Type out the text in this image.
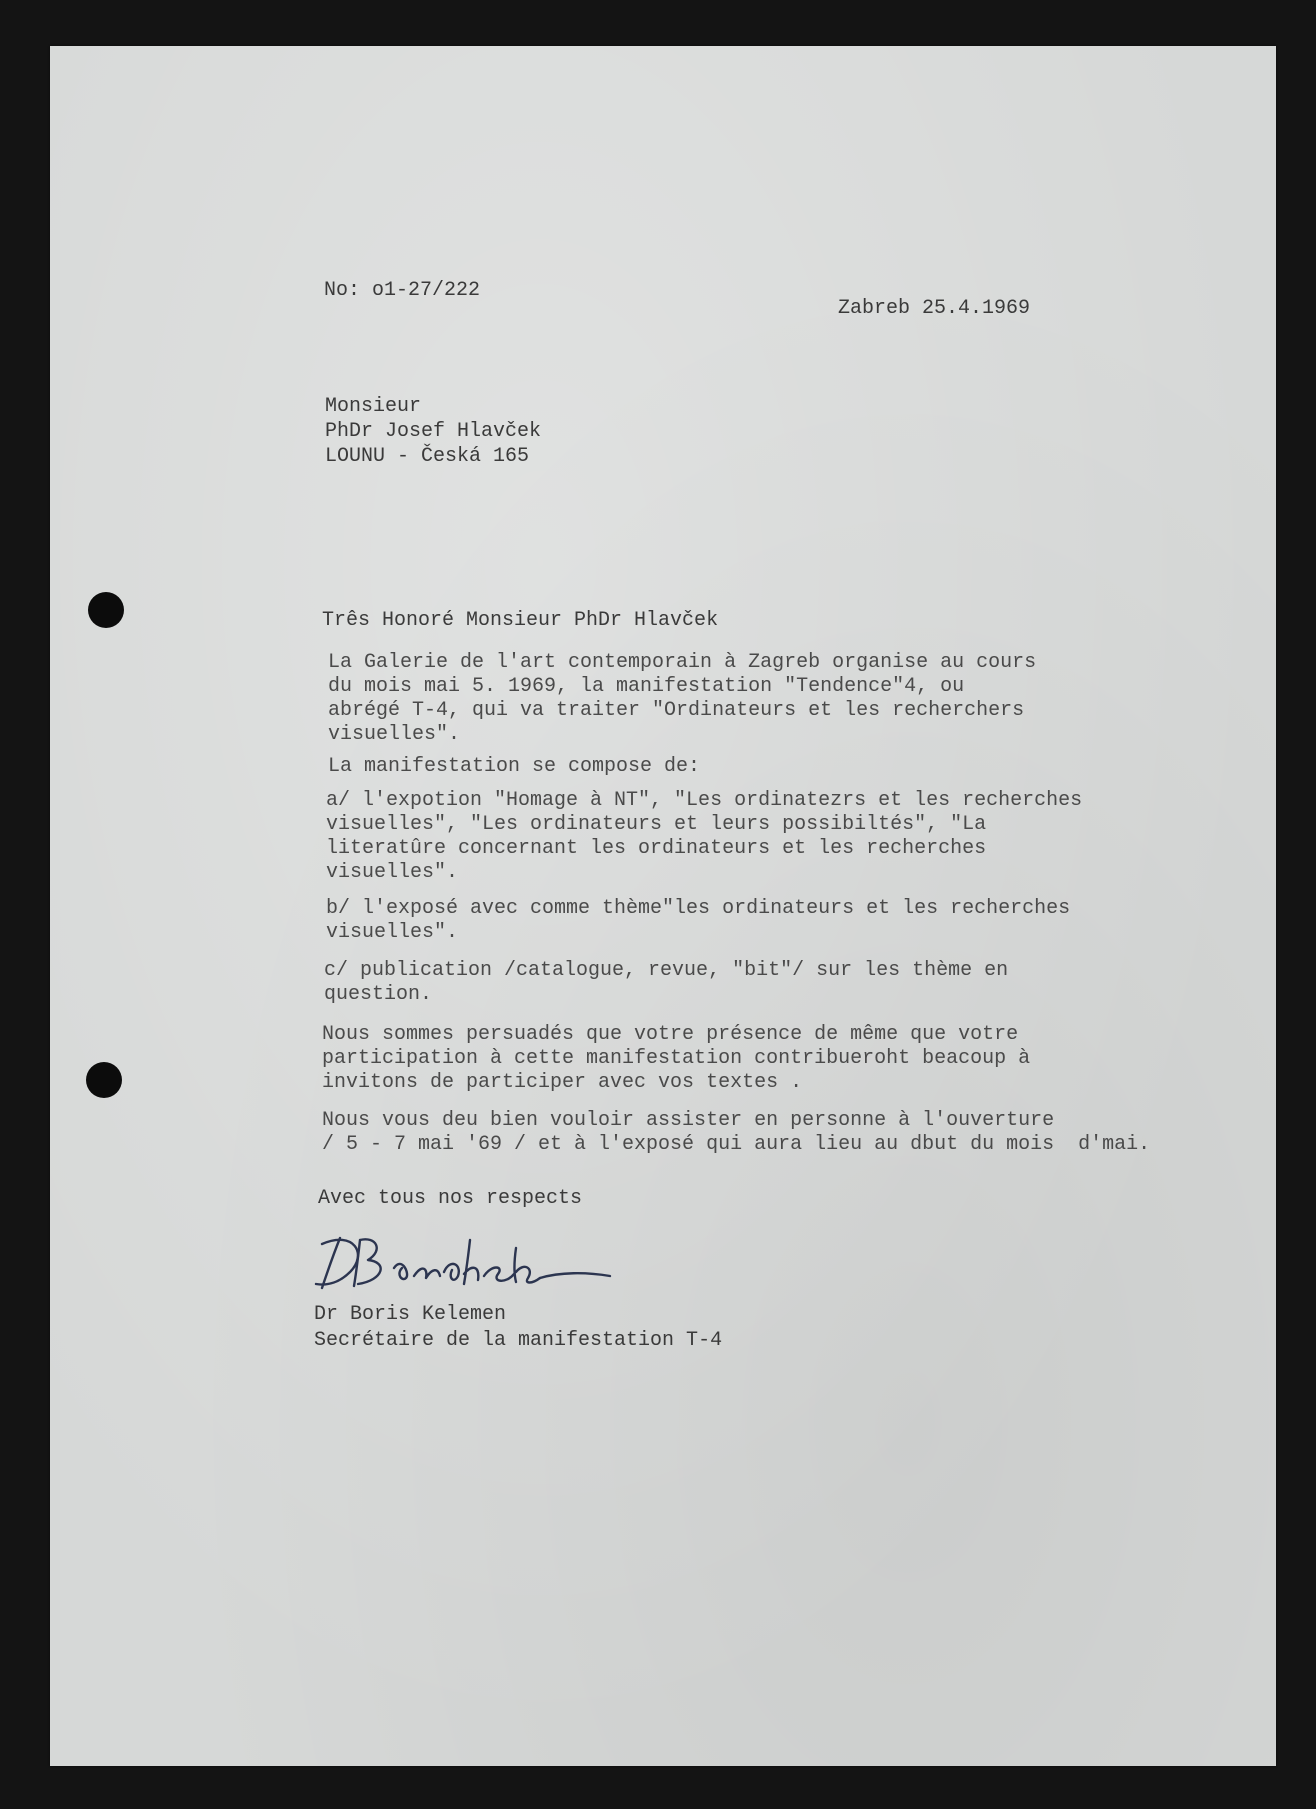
No: o1-27/222

Zabreb 25.4.1969

Monsieur

PhDr Josef Hlavček

LOUNU - Česká 165

Três Honoré Monsieur PhDr Hlavček

La Galerie de l'art contemporain à Zagreb organise au cours

du mois mai 5. 1969, la manifestation "Tendence"4, ou

abrégé T-4, qui va traiter "Ordinateurs et les recherchers

visuelles".

La manifestation se compose de:

a/ l'expotion "Homage à NT", "Les ordinatezrs et les recherches

visuelles", "Les ordinateurs et leurs possibiltés", "La

literatûre concernant les ordinateurs et les recherches

visuelles".

b/ l'exposé avec comme thème"les ordinateurs et les recherches

visuelles".

c/ publication /catalogue, revue, "bit"/ sur les thème en

question.

Nous sommes persuadés que votre présence de même que votre

participation à cette manifestation contribueroht beacoup à

invitons de participer avec vos textes .

Nous vous deu bien vouloir assister en personne à l'ouverture

/ 5 - 7 mai '69 / et à l'exposé qui aura lieu au dbut du mois  d'mai.

Avec tous nos respects

Dr Boris Kelemen

Secrétaire de la manifestation T-4
